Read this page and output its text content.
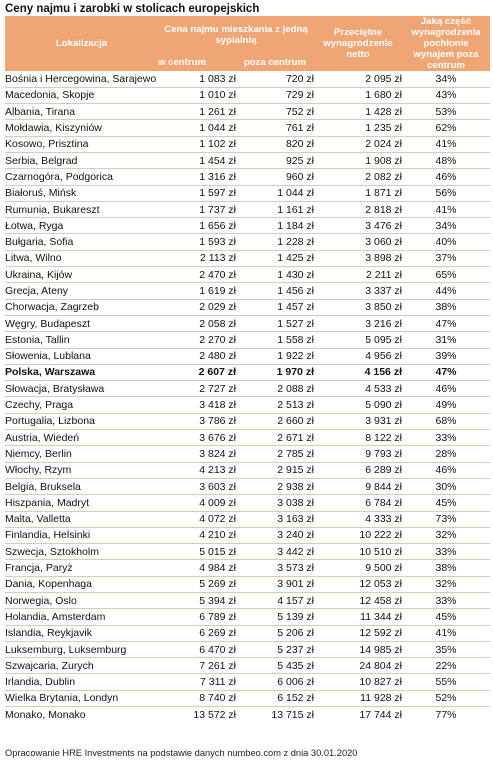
Ceny najmu i zarobki w stolicach europejskich
Lokalizacja	Cena najmu mieszkania z jedną sypialnią		Przeciętne wynagrodzenie netto	Jaką część wynagrodzenia pochłonie wynajem poza centrum
	w centrum	poza centrum		
Bośnia i Hercegowina, Sarajewo	1 083 zł	720 zł	2 095 zł	34%
Macedonia, Skopje	1 010 zł	729 zł	1 680 zł	43%
Albania, Tirana	1 261 zł	752 zł	1 428 zł	53%
Mołdawia, Kiszyniów	1 044 zł	761 zł	1 235 zł	62%
Kosowo, Prisztina	1 102 zł	820 zł	2 024 zł	41%
Serbia, Belgrad	1 454 zł	925 zł	1 908 zł	48%
Czarnogóra, Podgorica	1 316 zł	960 zł	2 082 zł	46%
Białoruś, Mińsk	1 597 zł	1 044 zł	1 871 zł	56%
Rumunia, Bukareszt	1 737 zł	1 161 zł	2 818 zł	41%
Łotwa, Ryga	1 656 zł	1 184 zł	3 476 zł	34%
Bułgaria, Sofia	1 593 zł	1 228 zł	3 060 zł	40%
Litwa, Wilno	2 113 zł	1 425 zł	3 898 zł	37%
Ukraina, Kijów	2 470 zł	1 430 zł	2 211 zł	65%
Grecja, Ateny	1 619 zł	1 456 zł	3 337 zł	44%
Chorwacja, Zagrzeb	2 029 zł	1 457 zł	3 850 zł	38%
Węgry, Budapeszt	2 058 zł	1 527 zł	3 216 zł	47%
Estonia, Tallin	2 270 zł	1 558 zł	5 095 zł	31%
Słowenia, Lublana	2 480 zł	1 922 zł	4 956 zł	39%
Polska, Warszawa	2 607 zł	1 970 zł	4 156 zł	47%
Słowacja, Bratysława	2 727 zł	2 088 zł	4 533 zł	46%
Czechy, Praga	3 418 zł	2 513 zł	5 090 zł	49%
Portugalia, Lizbona	3 786 zł	2 660 zł	3 931 zł	68%
Austria, Wiedeń	3 676 zł	2 671 zł	8 122 zł	33%
Niemcy, Berlin	3 824 zł	2 785 zł	9 793 zł	28%
Włochy, Rzym	4 213 zł	2 915 zł	6 289 zł	46%
Belgia, Bruksela	3 603 zł	2 938 zł	9 844 zł	30%
Hiszpania, Madryt	4 009 zł	3 038 zł	6 784 zł	45%
Malta, Valletta	4 072 zł	3 163 zł	4 333 zł	73%
Finlandia, Helsinki	4 210 zł	3 240 zł	10 222 zł	32%
Szwecja, Sztokholm	5 015 zł	3 442 zł	10 510 zł	33%
Francja, Paryż	4 984 zł	3 573 zł	9 500 zł	38%
Dania, Kopenhaga	5 269 zł	3 901 zł	12 053 zł	32%
Norwegia, Oslo	5 394 zł	4 157 zł	12 458 zł	33%
Holandia, Amsterdam	6 789 zł	5 139 zł	11 344 zł	45%
Islandia, Reykjavik	6 269 zł	5 206 zł	12 592 zł	41%
Luksemburg, Luksemburg	6 470 zł	5 237 zł	14 985 zł	35%
Szwajcaria, Zurych	7 261 zł	5 435 zł	24 804 zł	22%
Irlandia, Dublin	7 311 zł	6 006 zł	10 827 zł	55%
Wielka Brytania, Londyn	8 740 zł	6 152 zł	11 928 zł	52%
Monako, Monako	13 572 zł	13 715 zł	17 744 zł	77%
Opracowanie HRE Investments na podstawie danych numbeo.com z dnia 30.01.2020
